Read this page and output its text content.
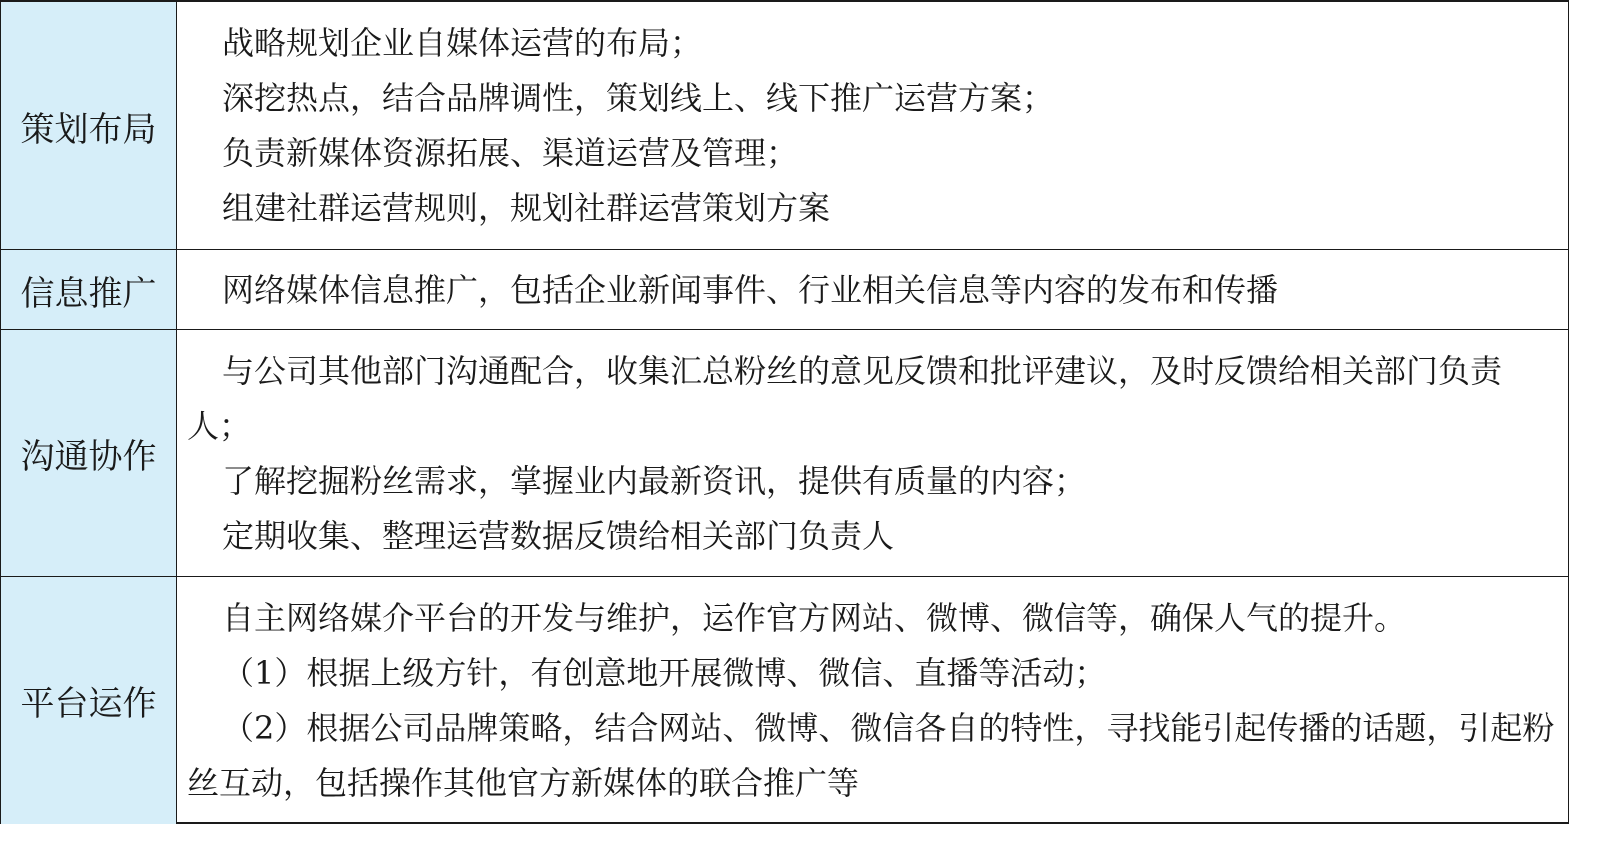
策划布局

战略规划企业自媒体运营的布局；

深挖热点，结合品牌调性，策划线上、线下推广运营方案；

负责新媒体资源拓展、渠道运营及管理；

组建社群运营规则，规划社群运营策划方案

信息推广	网络媒体信息推广，包括企业新闻事件、行业相关信息等内容的发布和传播

沟通协作

与公司其他部门沟通配合，收集汇总粉丝的意见反馈和批评建议，及时反馈给相关部门负责人；

了解挖掘粉丝需求，掌握业内最新资讯，提供有质量的内容；

定期收集、整理运营数据反馈给相关部门负责人

平台运作

自主网络媒介平台的开发与维护，运作官方网站、微博、微信等，确保人气的提升。

（1）根据上级方针，有创意地开展微博、微信、直播等活动；

（2）根据公司品牌策略，结合网站、微博、微信各自的特性，寻找能引起传播的话题，引起粉丝互动，包括操作其他官方新媒体的联合推广等
